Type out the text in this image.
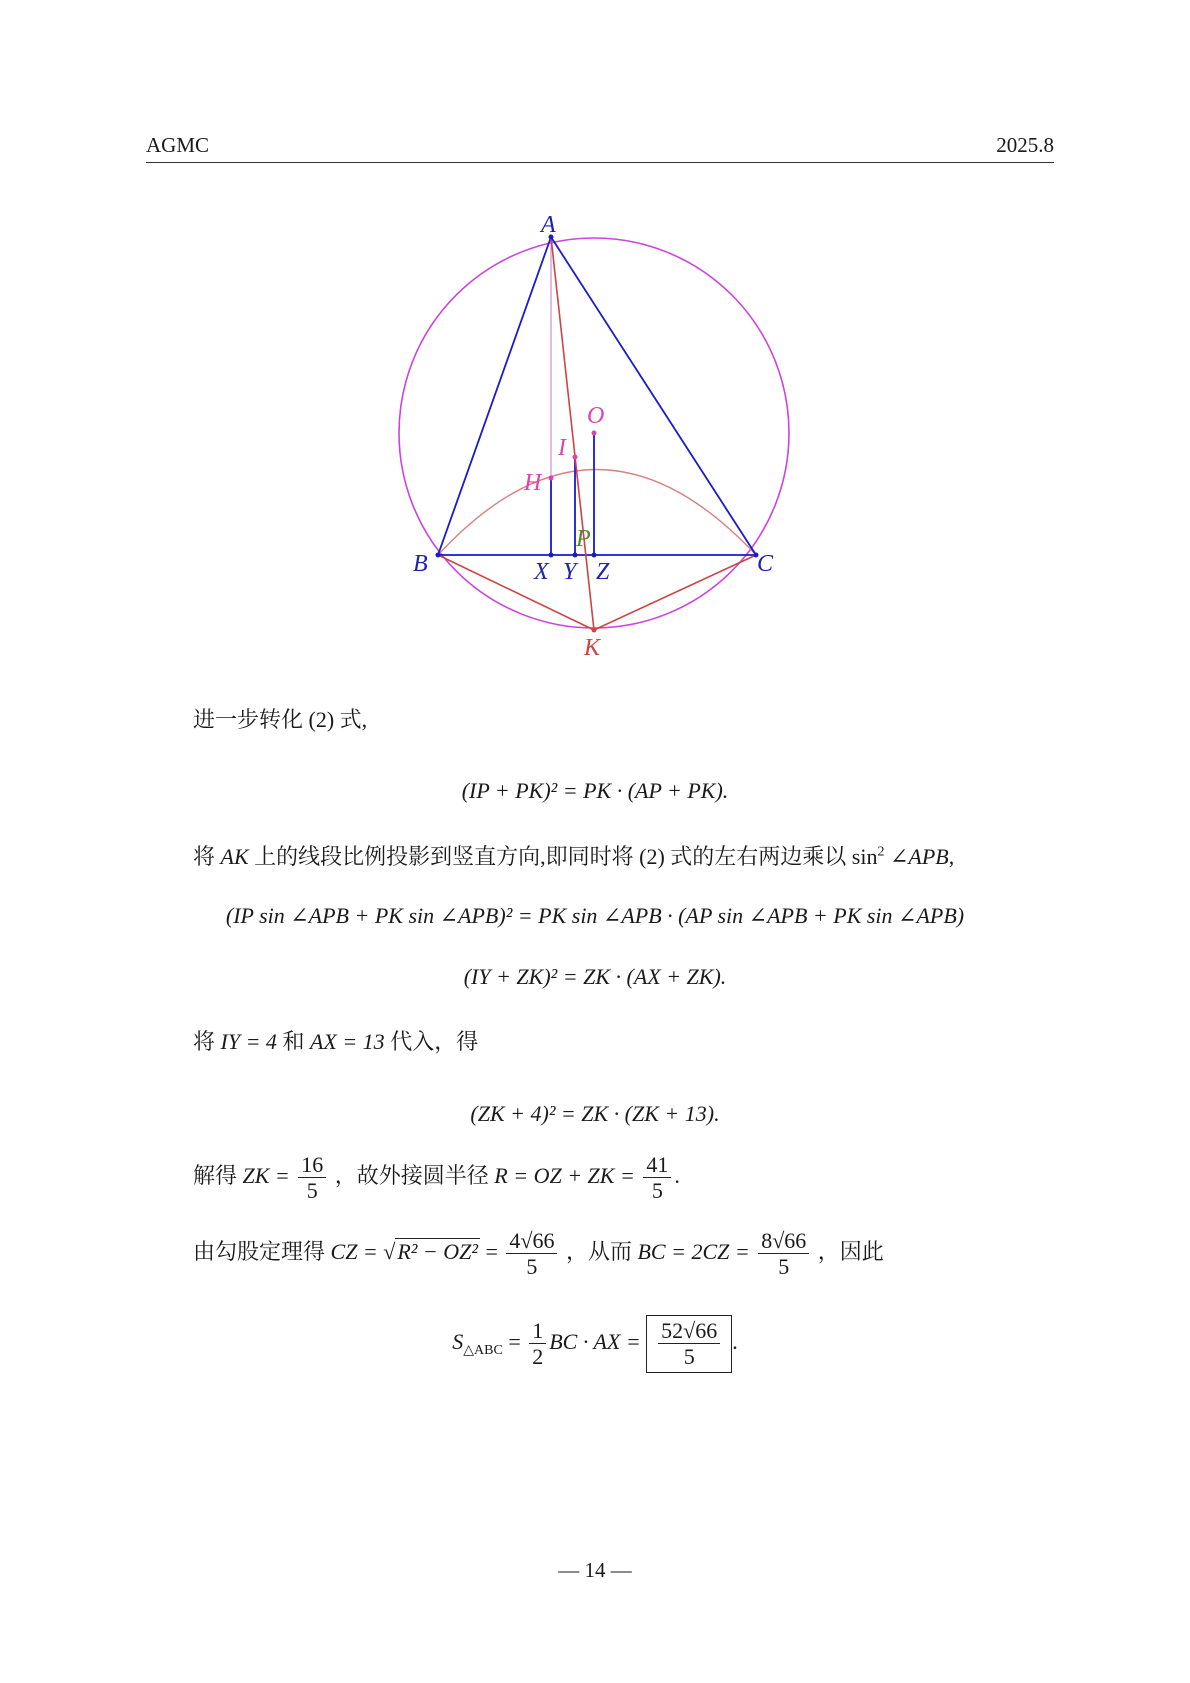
AGMC	2025.8
A
B	C
O
I
H
P
X Y Z
K
进一步转化 (2) 式,
(IP + PK)² = PK · (AP + PK).
将 AK 上的线段比例投影到竖直方向,即同时将 (2) 式的左右两边乘以 $\sin^2$ ∠APB,
(IP sin ∠APB + PK sin ∠APB)² = PK sin ∠APB · (AP sin ∠APB + PK sin ∠APB)
(IY + ZK)² = ZK · (AX + ZK).
将 IY = 4 和 AX = 13 代入，得
(ZK + 4)² = ZK · (ZK + 13).
解得 ZK = $\frac{16}{5}$ ，故外接圆半径 R = OZ + ZK = $\frac{41}{5}$ .
由勾股定理得 CZ = $√R^2 - OZ^2 = \frac{4√66}{5}$ ，从而 BC = $2CZ = \frac{8√66}{5}$ ，因此
$S_{\triangle ABC} = \frac{1}{2}$ BC · AX = $\frac{52√66}{5}$ .
— 14 —
